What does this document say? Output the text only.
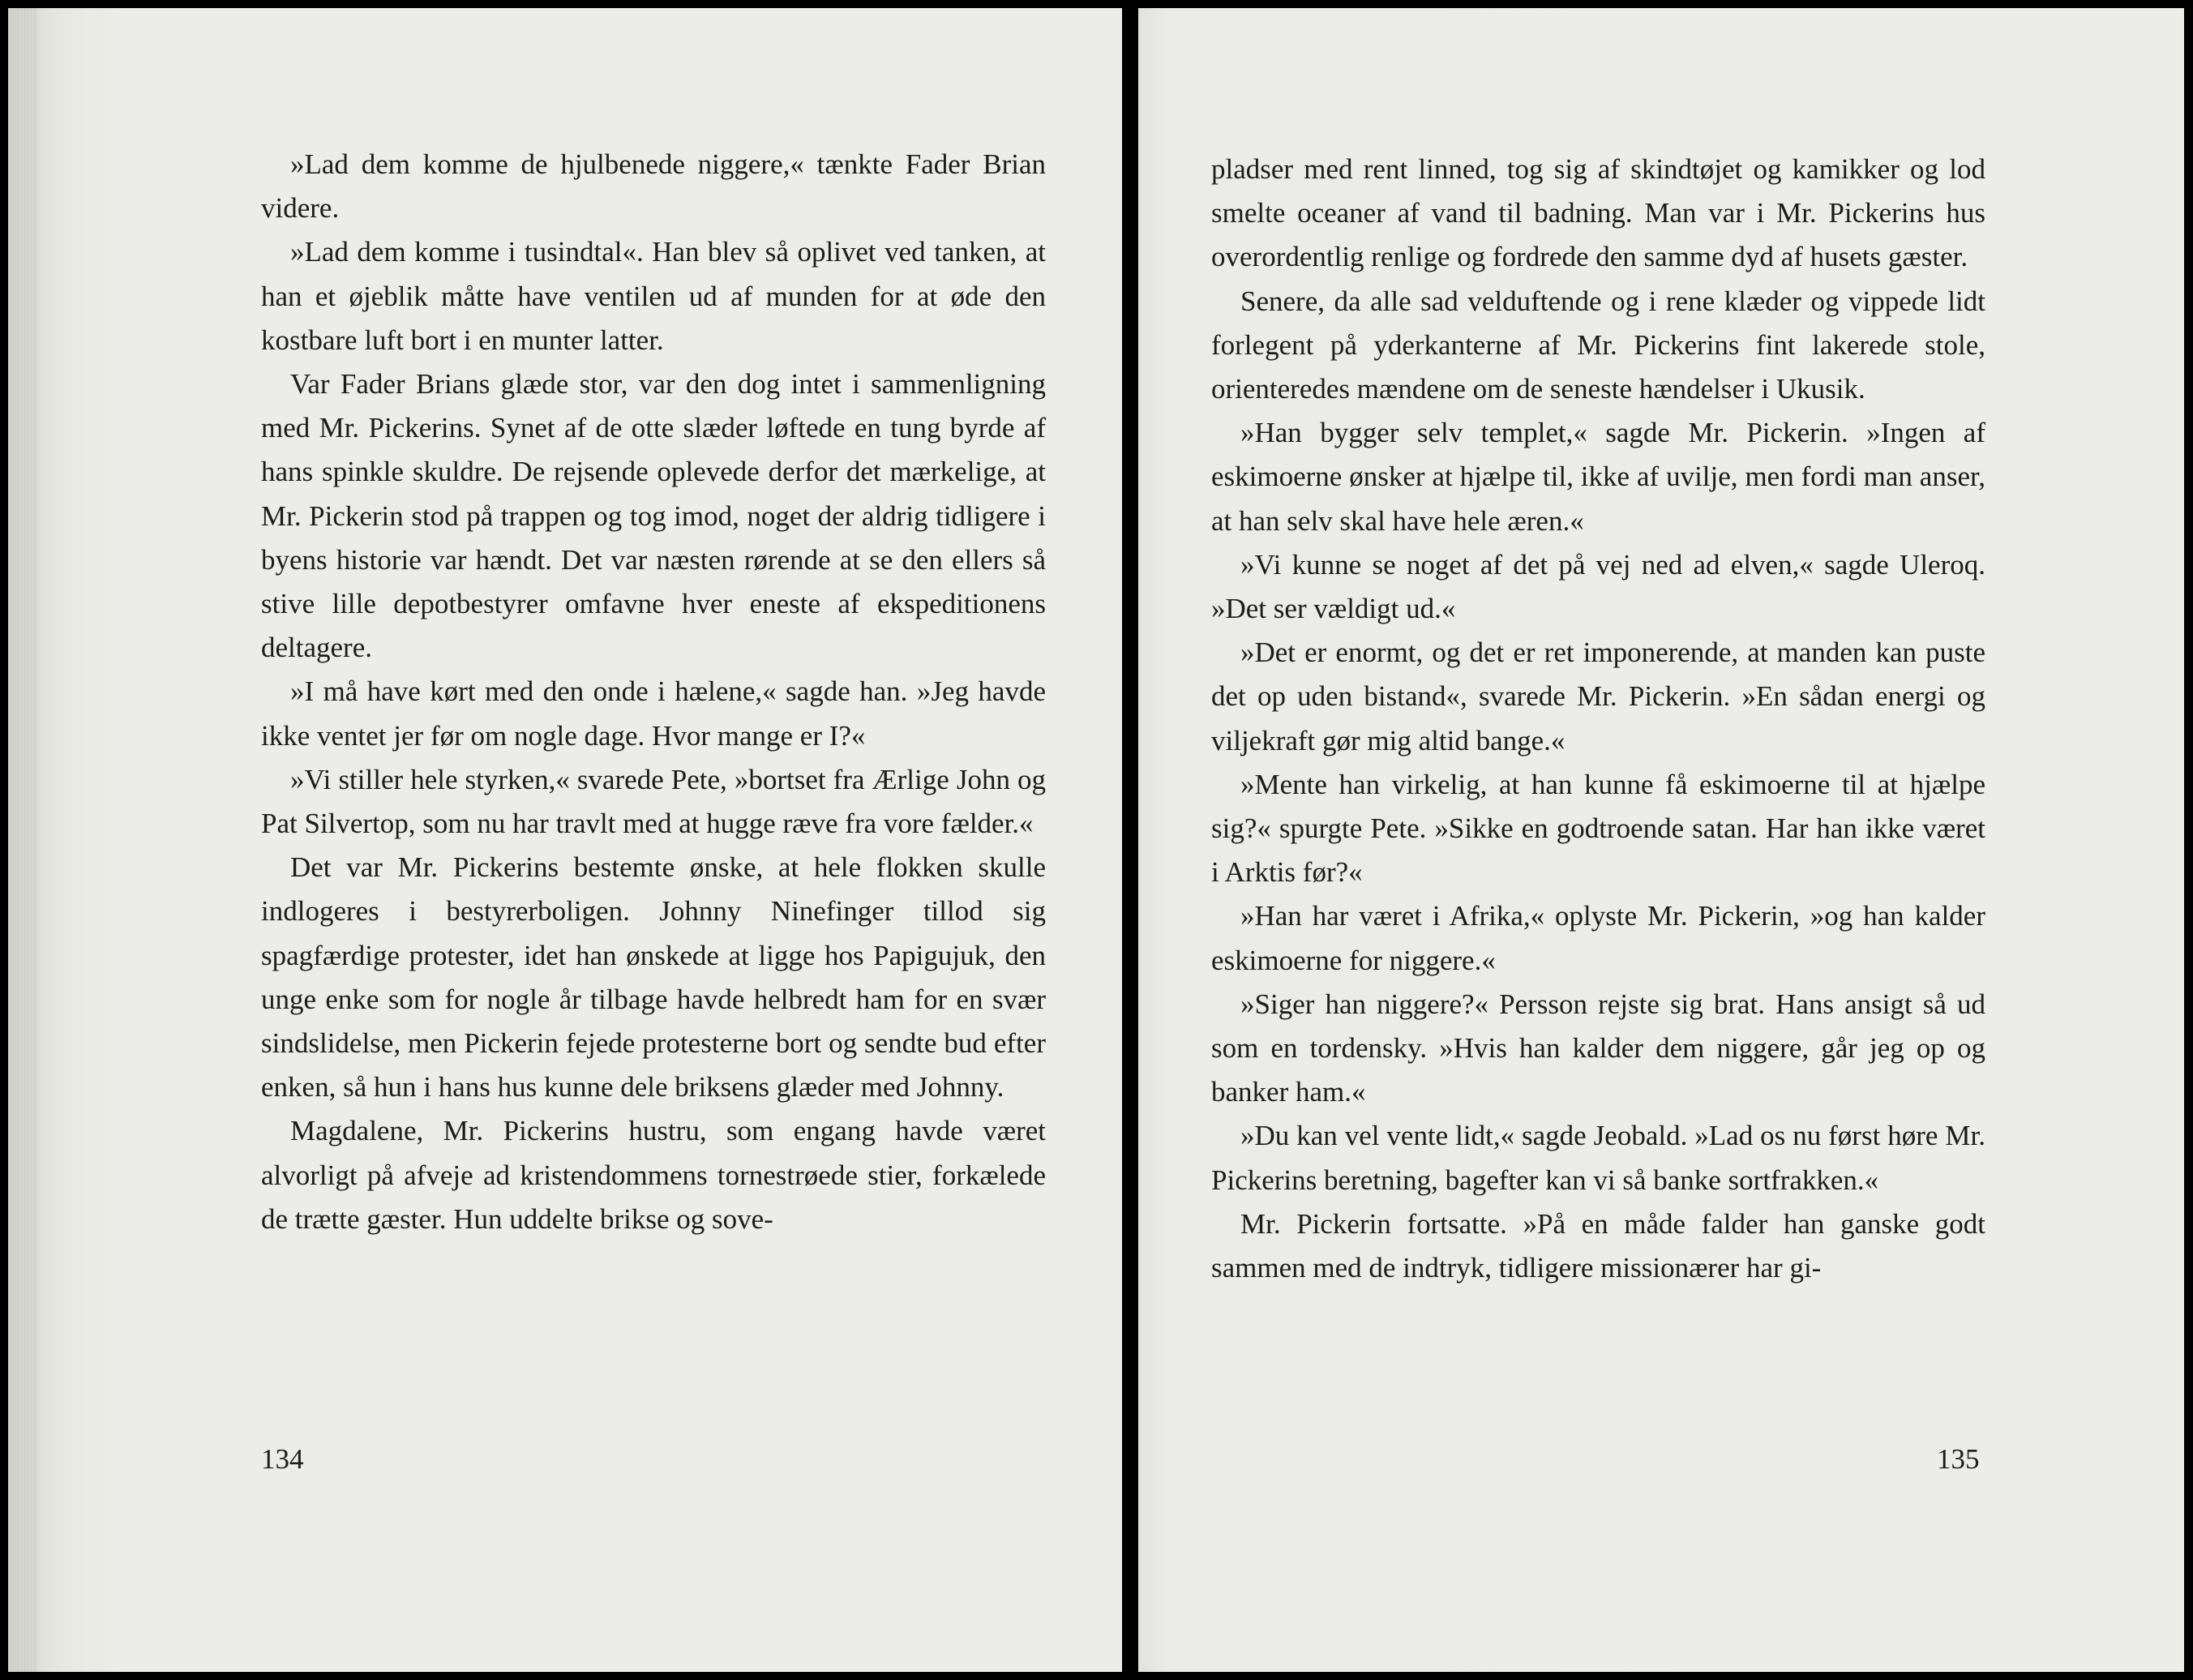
»Lad dem komme de hjulbenede niggere,« tænkte Fader Brian videre.

»Lad dem komme i tusindtal«. Han blev så oplivet ved tanken, at han et øjeblik måtte have ventilen ud af munden for at øde den kostbare luft bort i en munter latter.

Var Fader Brians glæde stor, var den dog intet i sammenligning med Mr. Pickerins. Synet af de otte slæder løftede en tung byrde af hans spinkle skuldre. De rejsende oplevede derfor det mærkelige, at Mr. Pickerin stod på trappen og tog imod, noget der aldrig tidligere i byens historie var hændt. Det var næsten rørende at se den ellers så stive lille depotbestyrer omfavne hver eneste af ekspeditionens deltagere.

»I må have kørt med den onde i hælene,« sagde han. »Jeg havde ikke ventet jer før om nogle dage. Hvor mange er I?«

»Vi stiller hele styrken,« svarede Pete, »bortset fra Ærlige John og Pat Silvertop, som nu har travlt med at hugge ræve fra vore fælder.«

Det var Mr. Pickerins bestemte ønske, at hele flokken skulle indlogeres i bestyrerboligen. Johnny Ninefinger tillod sig spagfærdige protester, idet han ønskede at ligge hos Papigujuk, den unge enke som for nogle år tilbage havde helbredt ham for en svær sindslidelse, men Pickerin fejede protesterne bort og sendte bud efter enken, så hun i hans hus kunne dele briksens glæder med Johnny.

Magdalene, Mr. Pickerins hustru, som engang havde været alvorligt på afveje ad kristendommens tornestrøede stier, forkælede de trætte gæster. Hun uddelte brikse og sove-

134

pladser med rent linned, tog sig af skindtøjet og kamikker og lod smelte oceaner af vand til badning. Man var i Mr. Pickerins hus overordentlig renlige og fordrede den samme dyd af husets gæster.

Senere, da alle sad velduftende og i rene klæder og vippede lidt forlegent på yderkanterne af Mr. Pickerins fint lakerede stole, orienteredes mændene om de seneste hændelser i Ukusik.

»Han bygger selv templet,« sagde Mr. Pickerin. »Ingen af eskimoerne ønsker at hjælpe til, ikke af uvilje, men fordi man anser, at han selv skal have hele æren.«

»Vi kunne se noget af det på vej ned ad elven,« sagde Uleroq. »Det ser vældigt ud.«

»Det er enormt, og det er ret imponerende, at manden kan puste det op uden bistand«, svarede Mr. Pickerin. »En sådan energi og viljekraft gør mig altid bange.«

»Mente han virkelig, at han kunne få eskimoerne til at hjælpe sig?« spurgte Pete. »Sikke en godtroende satan. Har han ikke været i Arktis før?«

»Han har været i Afrika,« oplyste Mr. Pickerin, »og han kalder eskimoerne for niggere.«

»Siger han niggere?« Persson rejste sig brat. Hans ansigt så ud som en tordensky. »Hvis han kalder dem niggere, går jeg op og banker ham.«

»Du kan vel vente lidt,« sagde Jeobald. »Lad os nu først høre Mr. Pickerins beretning, bagefter kan vi så banke sortfrakken.«

Mr. Pickerin fortsatte. »På en måde falder han ganske godt sammen med de indtryk, tidligere missionærer har gi-

135
